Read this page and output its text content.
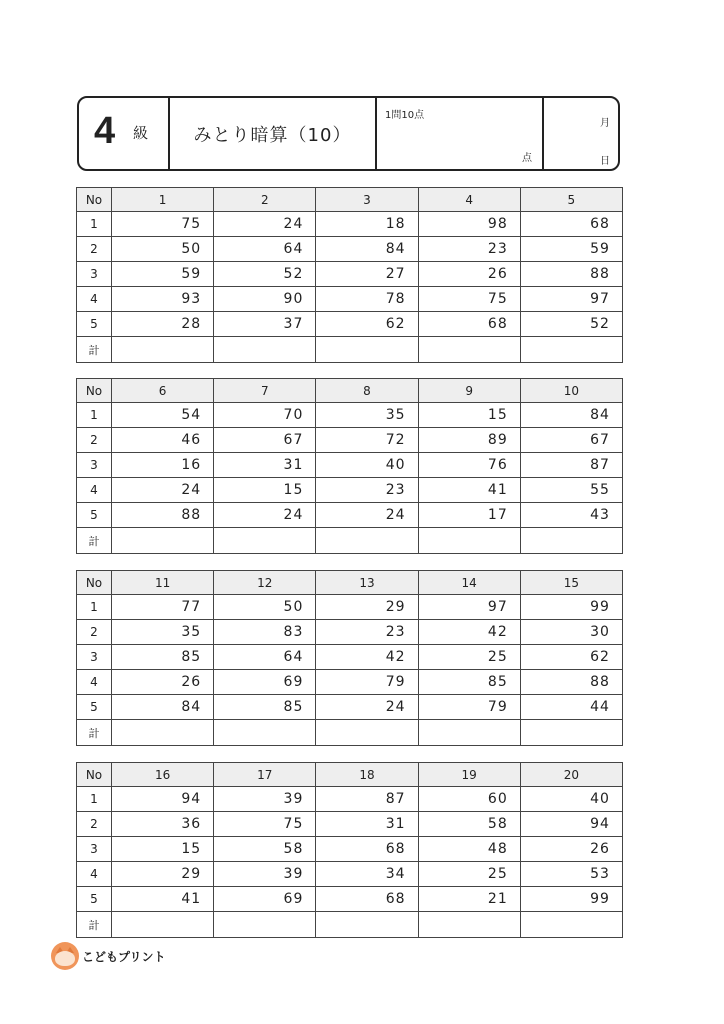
4 級	みとり暗算（10）
1問10点
点
月
日
No	1	2	3	4	5
1	75	24	18	98	68
2	50	64	84	23	59
3	59	52	27	26	88
4	93	90	78	75	97
5	28	37	62	68	52
計					
No	6	7	8	9	10
1	54	70	35	15	84
2	46	67	72	89	67
3	16	31	40	76	87
4	24	15	23	41	55
5	88	24	24	17	43
計					
No	11	12	13	14	15
1	77	50	29	97	99
2	35	83	23	42	30
3	85	64	42	25	62
4	26	69	79	85	88
5	84	85	24	79	44
計					
No	16	17	18	19	20
1	94	39	87	60	40
2	36	75	31	58	94
3	15	58	68	48	26
4	29	39	34	25	53
5	41	69	68	21	99
計					
こどもプリント
